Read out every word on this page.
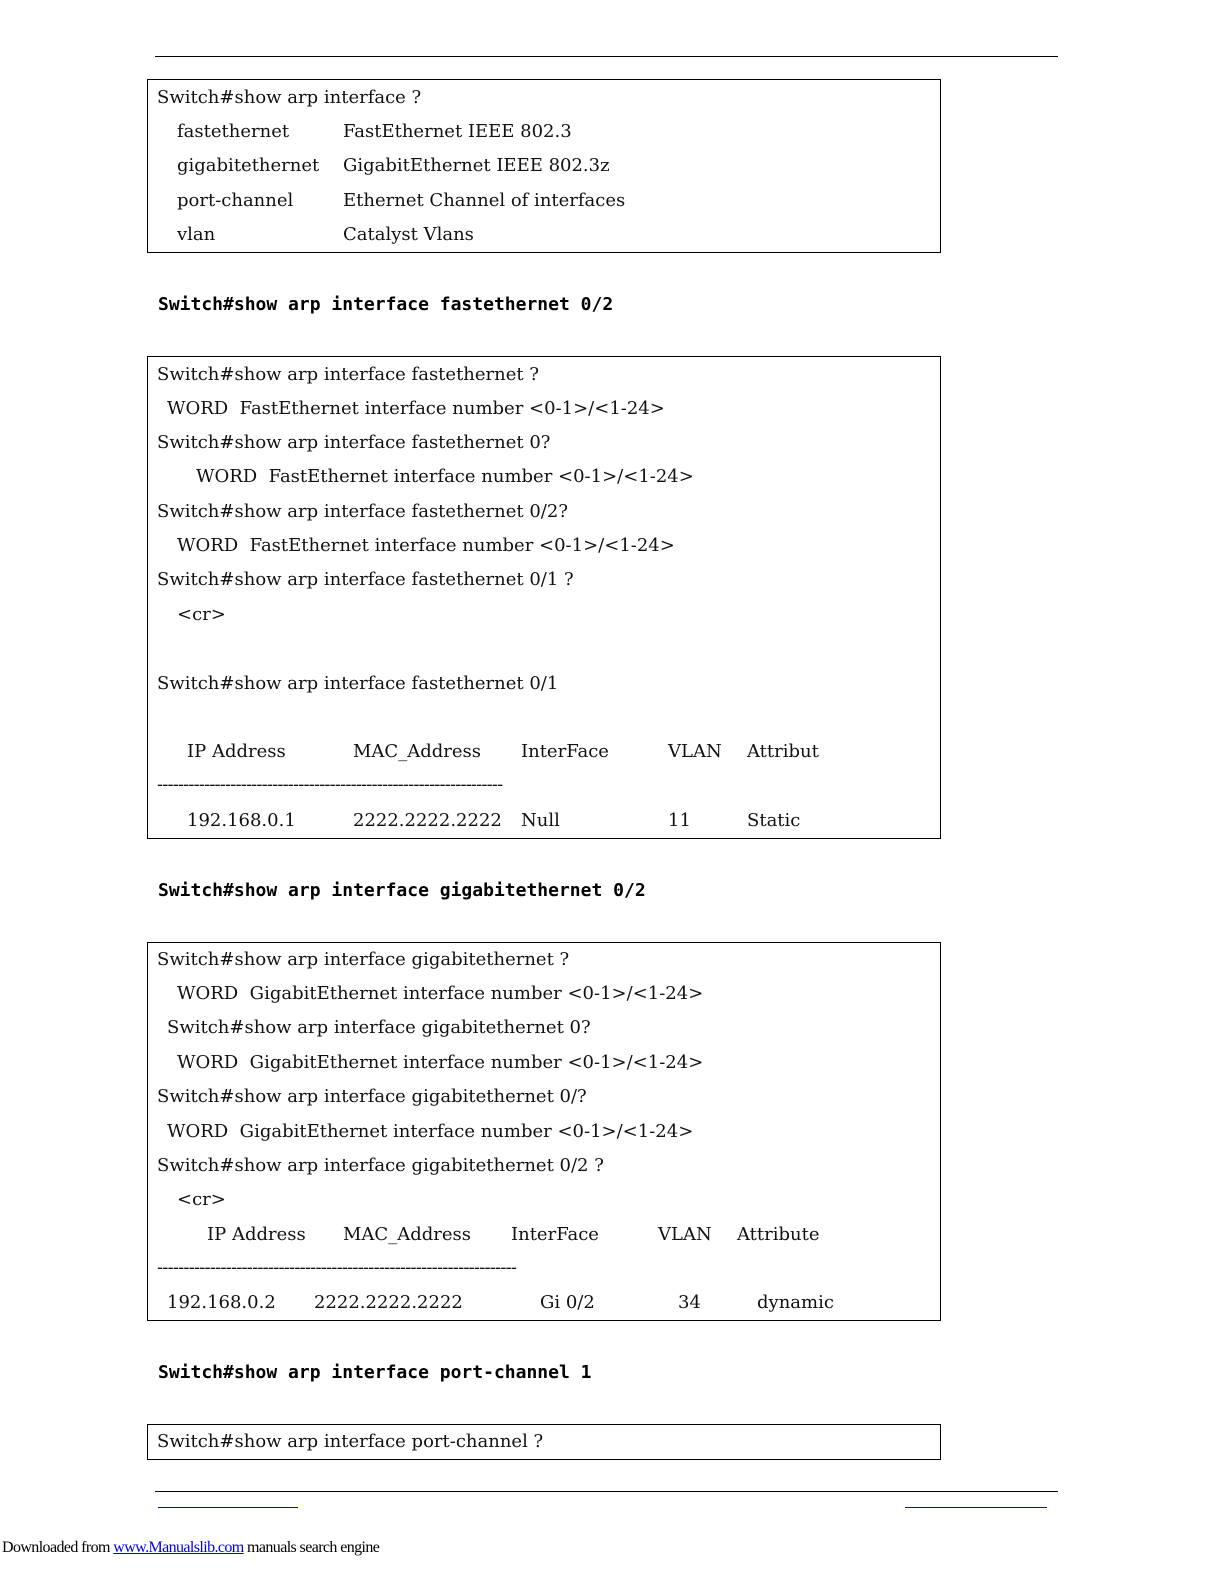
Switch#show arp interface ?
fastethernet	FastEthernet IEEE 802.3
gigabitethernet GigabitEthernet IEEE 802.3z
port-channel	Ethernet Channel of interfaces
vlan	Catalyst Vlans
Switch#show arp interface fastethernet 0/2
Switch#show arp interface fastethernet ?
WORD  FastEthernet interface number <0-1>/<1-24>
Switch#show arp interface fastethernet 0?
WORD  FastEthernet interface number <0-1>/<1-24>
Switch#show arp interface fastethernet 0/2?
WORD  FastEthernet interface number <0-1>/<1-24>
Switch#show arp interface fastethernet 0/1 ?
<cr>
Switch#show arp interface fastethernet 0/1
IP Address	MAC_Address InterFace	VLAN Attribut
------------------------------------------------------------------
192.168.0.1	2222.2222.2222 Null	11	Static
Switch#show arp interface gigabitethernet 0/2
Switch#show arp interface gigabitethernet ?
WORD  GigabitEthernet interface number <0-1>/<1-24>
Switch#show arp interface gigabitethernet 0?
WORD  GigabitEthernet interface number <0-1>/<1-24>
Switch#show arp interface gigabitethernet 0/?
WORD  GigabitEthernet interface number <0-1>/<1-24>
Switch#show arp interface gigabitethernet 0/2 ?
<cr>
IP Address MAC_Address InterFace	VLAN Attribute
--------------------------------------------------------------------
192.168.0.2 2222.2222.2222	Gi 0/2	34	dynamic
Switch#show arp interface port-channel 1
Switch#show arp interface port-channel ?
Downloaded from www.Manualslib.com manuals search engine
